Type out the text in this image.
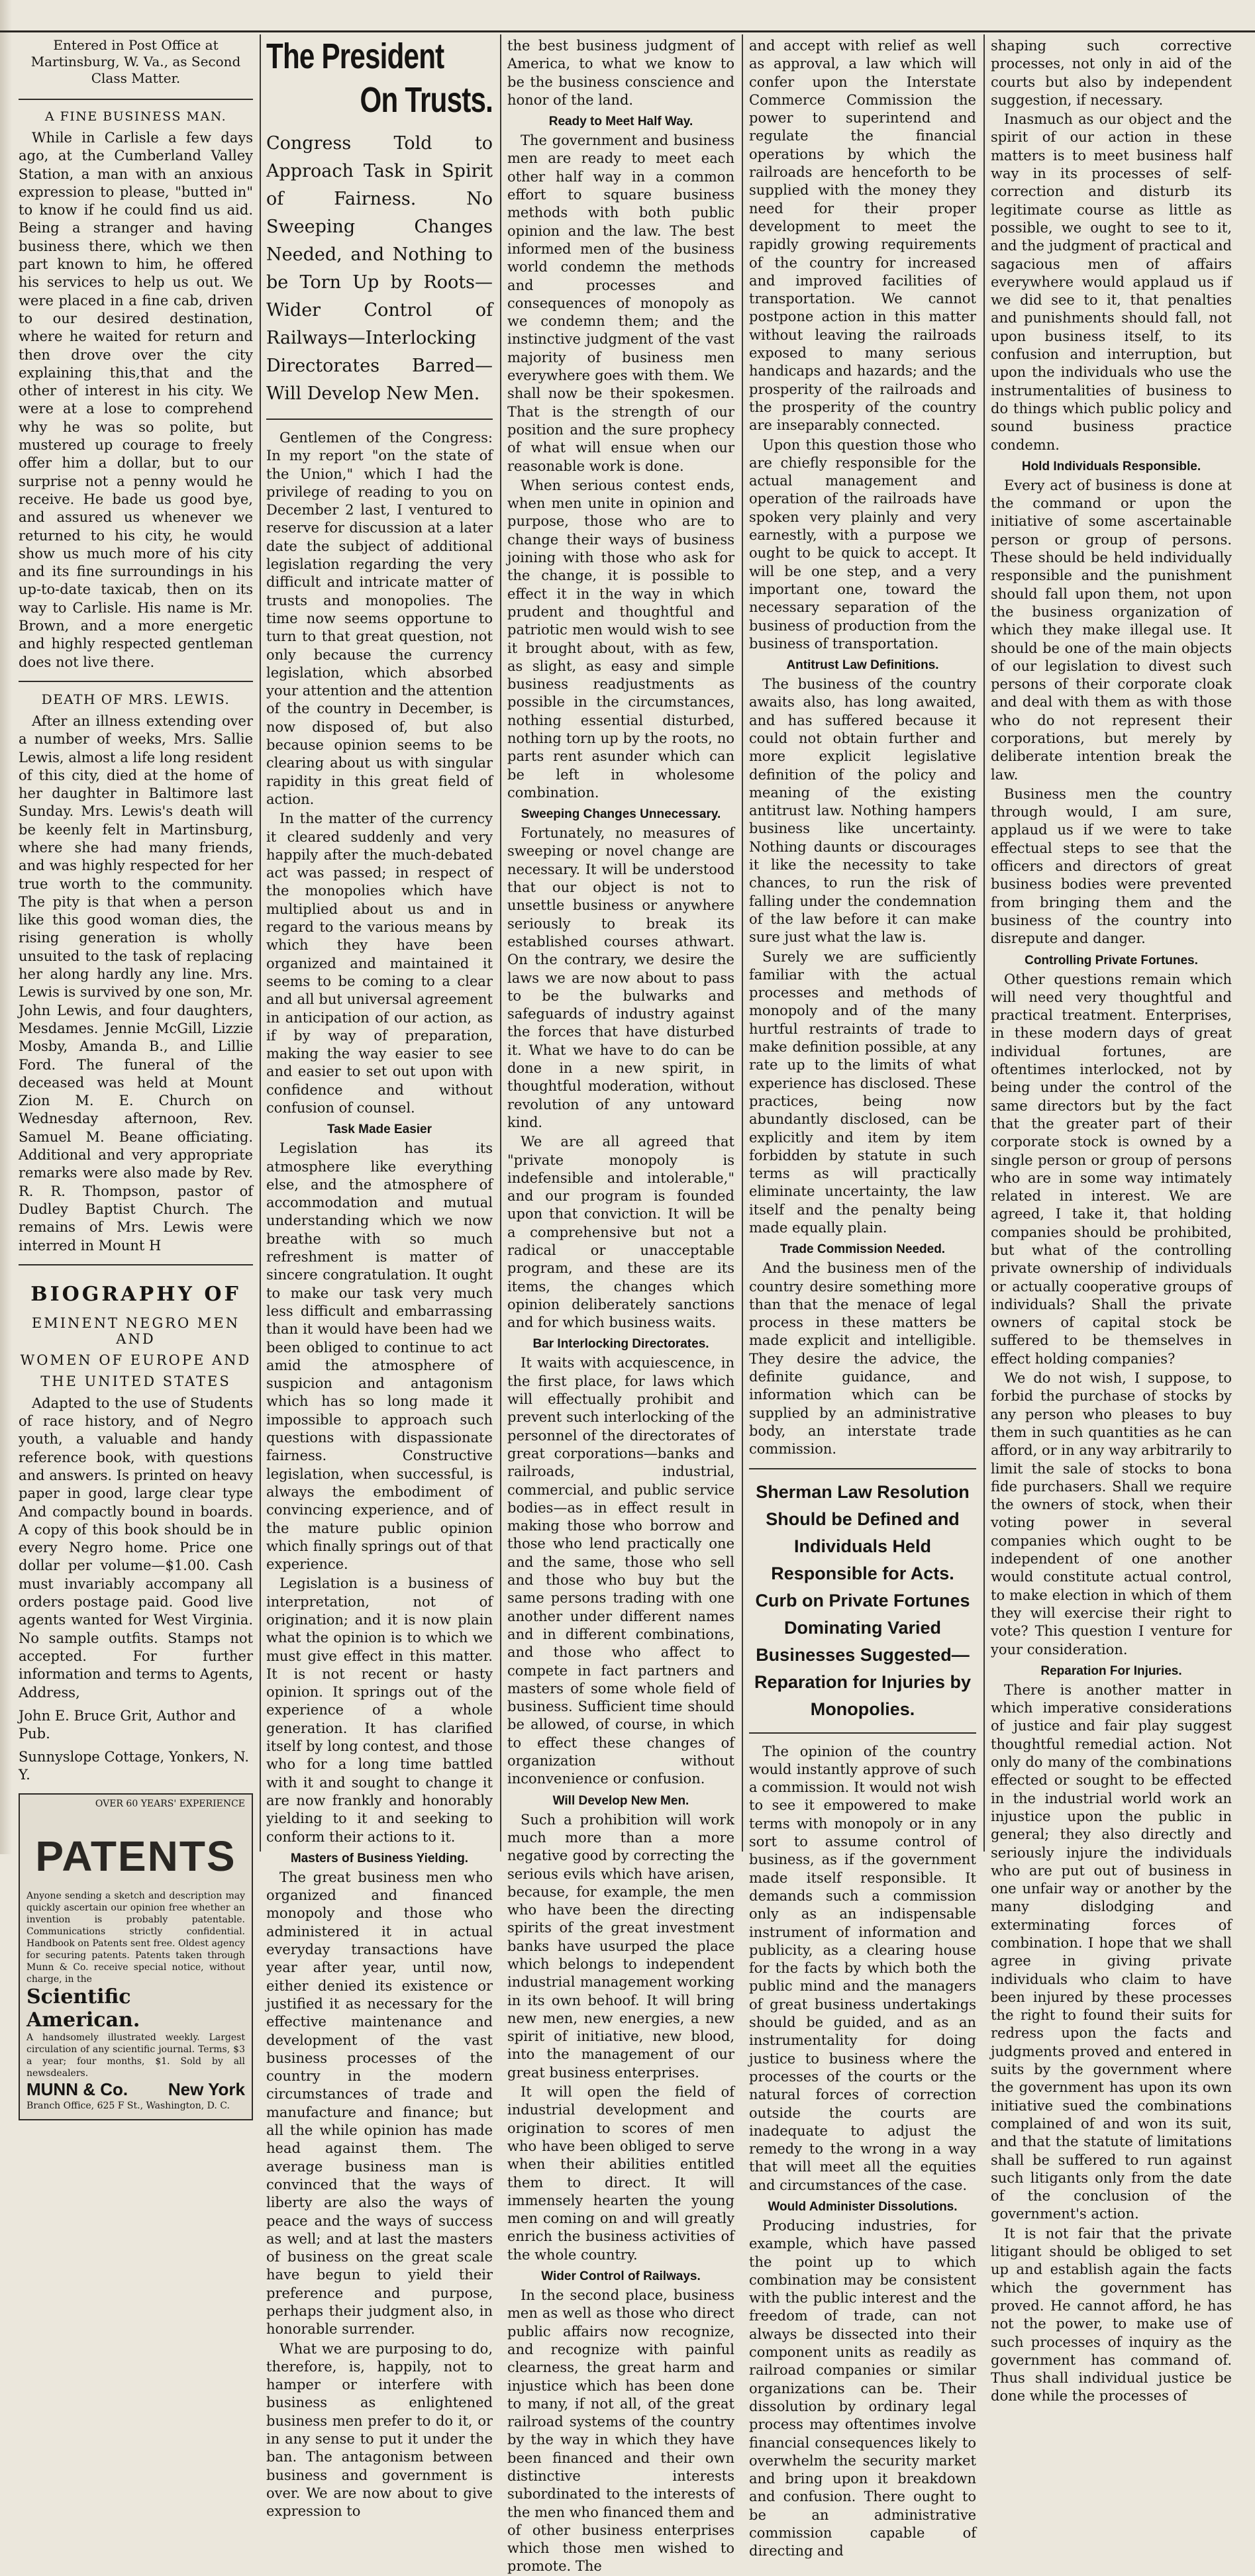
Entered in Post Office at Martinsburg, W. Va., as Second Class Matter.
A FINE BUSINESS MAN.

While in Carlisle a few days ago, at the Cumberland Valley Station, a man with an anxious expression to please, "butted in" to know if he could find us aid. Being a stranger and having business there, which we then part known to him, he offered his services to help us out. We were placed in a fine cab, driven to our desired destination, where he waited for return and then drove over the city explaining this,that and the other of interest in his city. We were at a lose to comprehend why he was so polite, but mustered up courage to freely offer him a dollar, but to our surprise not a penny would he receive. He bade us good bye, and assured us whenever we returned to his city, he would show us much more of his city and its fine surroundings in his up-to-date taxicab, then on its way to Carlisle. His name is Mr. Brown, and a more energetic and highly respected gentleman does not live there.

DEATH OF MRS. LEWIS.

After an illness extending over a number of weeks, Mrs. Sallie Lewis, almost a life long resident of this city, died at the home of her daughter in Baltimore last Sunday. Mrs. Lewis's death will be keenly felt in Martinsburg, where she had many friends, and was highly respected for her true worth to the community. The pity is that when a person like this good woman dies, the rising generation is wholly unsuited to the task of replacing her along hardly any line. Mrs. Lewis is survived by one son, Mr. John Lewis, and four daughters, Mesdames. Jennie McGill, Lizzie Mosby, Amanda B., and Lillie Ford. The funeral of the deceased was held at Mount Zion M. E. Church on Wednesday afternoon, Rev. Samuel M. Beane officiating. Additional and very appropriate remarks were also made by Rev. R. R. Thompson, pastor of Dudley Baptist Church. The remains of Mrs. Lewis were interred in Mount H

BIOGRAPHY OF
EMINENT NEGRO MEN AND
WOMEN OF EUROPE AND
THE UNITED STATES

Adapted to the use of Students of race history, and of Negro youth, a valuable and handy reference book, with questions and answers. Is printed on heavy paper in good, large clear type And compactly bound in boards. A copy of this book should be in every Negro home. Price one dollar per volume—$1.00. Cash must invariably accompany all orders postage paid. Good live agents wanted for West Virginia. No sample outfits. Stamps not accepted. For further information and terms to Agents, Address,

John E. Bruce Grit, Author and Pub.
Sunnyslope Cottage, Yonkers, N. Y.
OVER 60 YEARS' EXPERIENCE
PATENTS
Anyone sending a sketch and description may quickly ascertain our opinion free whether an invention is probably patentable. Communications strictly confidential. Handbook on Patents sent free. Oldest agency for securing patents. Patents taken through Munn & Co. receive special notice, without charge, in the
Scientific American.
A handsomely illustrated weekly. Largest circulation of any scientific journal. Terms, $3 a year; four months, $1. Sold by all newsdealers.
MUNN & Co. New York
Branch Office, 625 F St., Washington, D. C.
The President
On Trusts.
Congress Told to Approach Task in Spirit of Fairness. No Sweeping Changes Needed, and Nothing to be Torn Up by Roots—Wider Control of Railways—Interlocking Directorates Barred—Will Develop New Men.

Gentlemen of the Congress: In my report "on the state of the Union," which I had the privilege of reading to you on December 2 last, I ventured to reserve for discussion at a later date the subject of additional legislation regarding the very difficult and intricate matter of trusts and monopolies. The time now seems opportune to turn to that great question, not only because the currency legislation, which absorbed your attention and the attention of the country in December, is now disposed of, but also because opinion seems to be clearing about us with singular rapidity in this great field of action.

In the matter of the currency it cleared suddenly and very happily after the much-debated act was passed; in respect of the monopolies which have multiplied about us and in regard to the various means by which they have been organized and maintained it seems to be coming to a clear and all but universal agreement in anticipation of our action, as if by way of preparation, making the way easier to see and easier to set out upon with confidence and without confusion of counsel.

Task Made Easier

Legislation has its atmosphere like everything else, and the atmosphere of accommodation and mutual understanding which we now breathe with so much refreshment is matter of sincere congratulation. It ought to make our task very much less difficult and embarrassing than it would have been had we been obliged to continue to act amid the atmosphere of suspicion and antagonism which has so long made it impossible to approach such questions with dispassionate fairness. Constructive legislation, when successful, is always the embodiment of convincing experience, and of the mature public opinion which finally springs out of that experience.

Legislation is a business of interpretation, not of origination; and it is now plain what the opinion is to which we must give effect in this matter. It is not recent or hasty opinion. It springs out of the experience of a whole generation. It has clarified itself by long contest, and those who for a long time battled with it and sought to change it are now frankly and honorably yielding to it and seeking to conform their actions to it.

Masters of Business Yielding.

The great business men who organized and financed monopoly and those who administered it in actual everyday transactions have year after year, until now, either denied its existence or justified it as necessary for the effective maintenance and development of the vast business processes of the country in the modern circumstances of trade and manufacture and finance; but all the while opinion has made head against them. The average business man is convinced that the ways of liberty are also the ways of peace and the ways of success as well; and at last the masters of business on the great scale have begun to yield their preference and purpose, perhaps their judgment also, in honorable surrender.

What we are purposing to do, therefore, is, happily, not to hamper or interfere with business as enlightened business men prefer to do it, or in any sense to put it under the ban. The antagonism between business and government is over. We are now about to give expression to

the best business judgment of America, to what we know to be the business conscience and honor of the land.

Ready to Meet Half Way.

The government and business men are ready to meet each other half way in a common effort to square business methods with both public opinion and the law. The best informed men of the business world condemn the methods and processes and consequences of monopoly as we condemn them; and the instinctive judgment of the vast majority of business men everywhere goes with them. We shall now be their spokesmen. That is the strength of our position and the sure prophecy of what will ensue when our reasonable work is done.

When serious contest ends, when men unite in opinion and purpose, those who are to change their ways of business joining with those who ask for the change, it is possible to effect it in the way in which prudent and thoughtful and patriotic men would wish to see it brought about, with as few, as slight, as easy and simple business readjustments as possible in the circumstances, nothing essential disturbed, nothing torn up by the roots, no parts rent asunder which can be left in wholesome combination.

Sweeping Changes Unnecessary.

Fortunately, no measures of sweeping or novel change are necessary. It will be understood that our object is not to unsettle business or anywhere seriously to break its established courses athwart. On the contrary, we desire the laws we are now about to pass to be the bulwarks and safeguards of industry against the forces that have disturbed it. What we have to do can be done in a new spirit, in thoughtful moderation, without revolution of any untoward kind.

We are all agreed that "private monopoly is indefensible and intolerable," and our program is founded upon that conviction. It will be a comprehensive but not a radical or unacceptable program, and these are its items, the changes which opinion deliberately sanctions and for which business waits.

Bar Interlocking Directorates.

It waits with acquiescence, in the first place, for laws which will effectually prohibit and prevent such interlocking of the personnel of the directorates of great corporations—banks and railroads, industrial, commercial, and public service bodies—as in effect result in making those who borrow and those who lend practically one and the same, those who sell and those who buy but the same persons trading with one another under different names and in different combinations, and those who affect to compete in fact partners and masters of some whole field of business. Sufficient time should be allowed, of course, in which to effect these changes of organization without inconvenience or confusion.

Will Develop New Men.

Such a prohibition will work much more than a more negative good by correcting the serious evils which have arisen, because, for example, the men who have been the directing spirits of the great investment banks have usurped the place which belongs to independent industrial management working in its own behoof. It will bring new men, new energies, a new spirit of initiative, new blood, into the management of our great business enterprises.

It will open the field of industrial development and origination to scores of men who have been obliged to serve when their abilities entitled them to direct. It will immensely hearten the young men coming on and will greatly enrich the business activities of the whole country.

Wider Control of Railways.

In the second place, business men as well as those who direct public affairs now recognize, and recognize with painful clearness, the great harm and injustice which has been done to many, if not all, of the great railroad systems of the country by the way in which they have been financed and their own distinctive interests subordinated to the interests of the men who financed them and of other business enterprises which those men wished to promote. The

and accept with relief as well as approval, a law which will confer upon the Interstate Commerce Commission the power to superintend and regulate the financial operations by which the railroads are henceforth to be supplied with the money they need for their proper development to meet the rapidly growing requirements of the country for increased and improved facilities of transportation. We cannot postpone action in this matter without leaving the railroads exposed to many serious handicaps and hazards; and the prosperity of the railroads and the prosperity of the country are inseparably connected.

Upon this question those who are chiefly responsible for the actual management and operation of the railroads have spoken very plainly and very earnestly, with a purpose we ought to be quick to accept. It will be one step, and a very important one, toward the necessary separation of the business of production from the business of transportation.

Antitrust Law Definitions.

The business of the country awaits also, has long awaited, and has suffered because it could not obtain further and more explicit legislative definition of the policy and meaning of the existing antitrust law. Nothing hampers business like uncertainty. Nothing daunts or discourages it like the necessity to take chances, to run the risk of falling under the condemnation of the law before it can make sure just what the law is.

Surely we are sufficiently familiar with the actual processes and methods of monopoly and of the many hurtful restraints of trade to make definition possible, at any rate up to the limits of what experience has disclosed. These practices, being now abundantly disclosed, can be explicitly and item by item forbidden by statute in such terms as will practically eliminate uncertainty, the law itself and the penalty being made equally plain.

Trade Commission Needed.

And the business men of the country desire something more than that the menace of legal process in these matters be made explicit and intelligible. They desire the advice, the definite guidance, and information which can be supplied by an administrative body, an interstate trade commission.

Sherman Law Resolution Should be Defined and Individuals Held Responsible for Acts. Curb on Private Fortunes Dominating Varied Businesses Suggested—Reparation for Injuries by Monopolies.

The opinion of the country would instantly approve of such a commission. It would not wish to see it empowered to make terms with monopoly or in any sort to assume control of business, as if the government made itself responsible. It demands such a commission only as an indispensable instrument of information and publicity, as a clearing house for the facts by which both the public mind and the managers of great business undertakings should be guided, and as an instrumentality for doing justice to business where the processes of the courts or the natural forces of correction outside the courts are inadequate to adjust the remedy to the wrong in a way that will meet all the equities and circumstances of the case.

Would Administer Dissolutions.

Producing industries, for example, which have passed the point up to which combination may be consistent with the public interest and the freedom of trade, can not always be dissected into their component units as readily as railroad companies or similar organizations can be. Their dissolution by ordinary legal process may oftentimes involve financial consequences likely to overwhelm the security market and bring upon it breakdown and confusion. There ought to be an administrative commission capable of directing and

shaping such corrective processes, not only in aid of the courts but also by independent suggestion, if necessary.

Inasmuch as our object and the spirit of our action in these matters is to meet business half way in its processes of self-correction and disturb its legitimate course as little as possible, we ought to see to it, and the judgment of practical and sagacious men of affairs everywhere would applaud us if we did see to it, that penalties and punishments should fall, not upon business itself, to its confusion and interruption, but upon the individuals who use the instrumentalities of business to do things which public policy and sound business practice condemn.

Hold Individuals Responsible.

Every act of business is done at the command or upon the initiative of some ascertainable person or group of persons. These should be held individually responsible and the punishment should fall upon them, not upon the business organization of which they make illegal use. It should be one of the main objects of our legislation to divest such persons of their corporate cloak and deal with them as with those who do not represent their corporations, but merely by deliberate intention break the law.

Business men the country through would, I am sure, applaud us if we were to take effectual steps to see that the officers and directors of great business bodies were prevented from bringing them and the business of the country into disrepute and danger.

Controlling Private Fortunes.

Other questions remain which will need very thoughtful and practical treatment. Enterprises, in these modern days of great individual fortunes, are oftentimes interlocked, not by being under the control of the same directors but by the fact that the greater part of their corporate stock is owned by a single person or group of persons who are in some way intimately related in interest. We are agreed, I take it, that holding companies should be prohibited, but what of the controlling private ownership of individuals or actually cooperative groups of individuals? Shall the private owners of capital stock be suffered to be themselves in effect holding companies?

We do not wish, I suppose, to forbid the purchase of stocks by any person who pleases to buy them in such quantities as he can afford, or in any way arbitrarily to limit the sale of stocks to bona fide purchasers. Shall we require the owners of stock, when their voting power in several companies which ought to be independent of one another would constitute actual control, to make election in which of them they will exercise their right to vote? This question I venture for your consideration.

Reparation For Injuries.

There is another matter in which imperative considerations of justice and fair play suggest thoughtful remedial action. Not only do many of the combinations effected or sought to be effected in the industrial world work an injustice upon the public in general; they also directly and seriously injure the individuals who are put out of business in one unfair way or another by the many dislodging and exterminating forces of combination. I hope that we shall agree in giving private individuals who claim to have been injured by these processes the right to found their suits for redress upon the facts and judgments proved and entered in suits by the government where the government has upon its own initiative sued the combinations complained of and won its suit, and that the statute of limitations shall be suffered to run against such litigants only from the date of the conclusion of the government's action.

It is not fair that the private litigant should be obliged to set up and establish again the facts which the government has proved. He cannot afford, he has not the power, to make use of such processes of inquiry as the government has command of. Thus shall individual justice be done while the processes of
